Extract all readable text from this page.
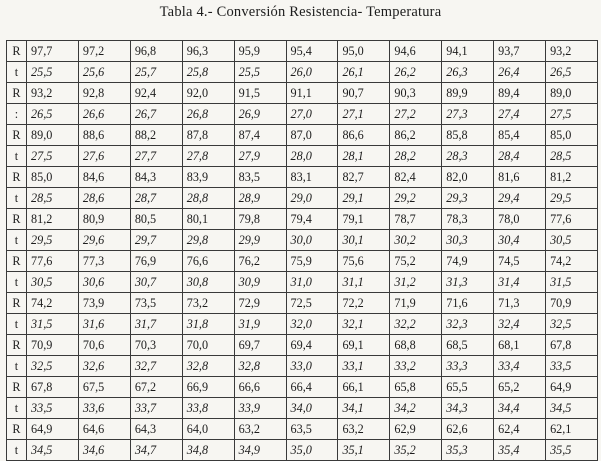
Tabla 4.- Conversión Resistencia- Temperatura
R	97,7	97,2	96,8	96,3	95,9	95,4	95,0	94,6	94,1	93,7	93,2
t	25,5	25,6	25,7	25,8	25,5	26,0	26,1	26,2	26,3	26,4	26,5
R	93,2	92,8	92,4	92,0	91,5	91,1	90,7	90,3	89,9	89,4	89,0
:	26,5	26,6	26,7	26,8	26,9	27,0	27,1	27,2	27,3	27,4	27,5
R	89,0	88,6	88,2	87,8	87,4	87,0	86,6	86,2	85,8	85,4	85,0
t	27,5	27,6	27,7	27,8	27,9	28,0	28,1	28,2	28,3	28,4	28,5
R	85,0	84,6	84,3	83,9	83,5	83,1	82,7	82,4	82,0	81,6	81,2
t	28,5	28,6	28,7	28,8	28,9	29,0	29,1	29,2	29,3	29,4	29,5
R	81,2	80,9	80,5	80,1	79,8	79,4	79,1	78,7	78,3	78,0	77,6
t	29,5	29,6	29,7	29,8	29,9	30,0	30,1	30,2	30,3	30,4	30,5
R	77,6	77,3	76,9	76,6	76,2	75,9	75,6	75,2	74,9	74,5	74,2
t	30,5	30,6	30,7	30,8	30,9	31,0	31,1	31,2	31,3	31,4	31,5
R	74,2	73,9	73,5	73,2	72,9	72,5	72,2	71,9	71,6	71,3	70,9
t	31,5	31,6	31,7	31,8	31,9	32,0	32,1	32,2	32,3	32,4	32,5
R	70,9	70,6	70,3	70,0	69,7	69,4	69,1	68,8	68,5	68,1	67,8
t	32,5	32,6	32,7	32,8	32,8	33,0	33,1	33,2	33,3	33,4	33,5
R	67,8	67,5	67,2	66,9	66,6	66,4	66,1	65,8	65,5	65,2	64,9
t	33,5	33,6	33,7	33,8	33,9	34,0	34,1	34,2	34,3	34,4	34,5
R	64,9	64,6	64,3	64,0	63,2	63,5	63,2	62,9	62,6	62,4	62,1
t	34,5	34,6	34,7	34,8	34,9	35,0	35,1	35,2	35,3	35,4	35,5
